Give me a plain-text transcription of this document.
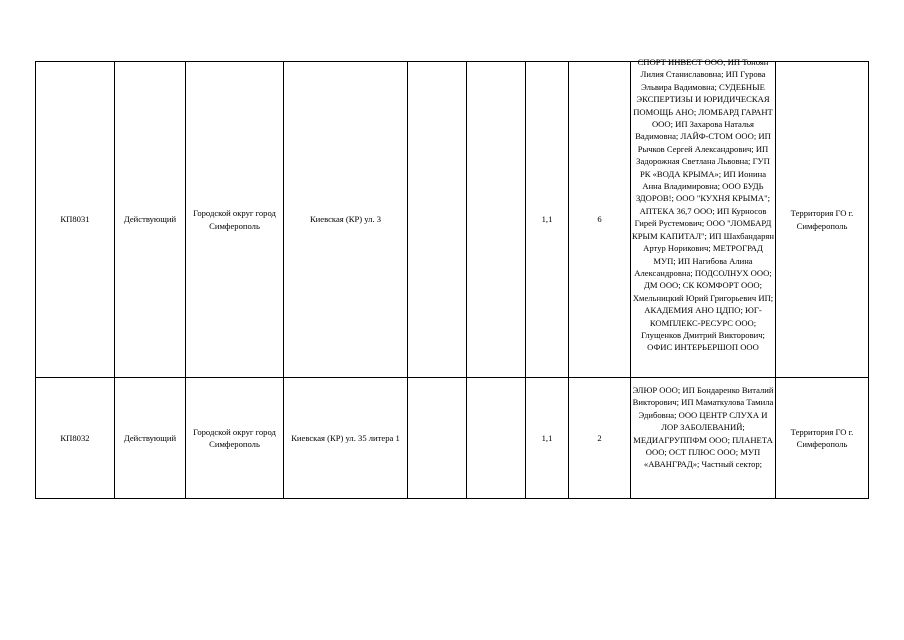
КП8031	Действующий	Городской округ город Симферополь	Киевская (КР) ул. 3			1,1	6	СПОРТ ИНВЕСТ ООО; ИП Тоноян Лилия Станиславовна; ИП Гурова Эльвира Вадимовна; СУДЕБНЫЕ ЭКСПЕРТИЗЫ И ЮРИДИЧЕСКАЯ ПОМОЩЬ АНО; ЛОМБАРД ГАРАНТ ООО; ИП Захарова Наталья Вадимовна; ЛАЙФ-СТОМ ООО; ИП Рычков Сергей Александрович; ИП Задорожная Светлана Львовна; ГУП РК «ВОДА КРЫМА»; ИП Ионина Анна Владимировна; ООО БУДЬ ЗДОРОВ!; ООО "КУХНЯ КРЫМА"; АПТЕКА 36,7 ООО; ИП Курносов Гирей Рустемович; ООО "ЛОМБАРД КРЫМ КАПИТАЛ"; ИП Шахбандарян Артур Норикович; МЕТРОГРАД МУП; ИП Нагибова Алина Александровна; ПОДСОЛНУХ ООО; ДМ ООО; СК КОМФОРТ ООО; Хмельницкий Юрий Григорьевич ИП; АКАДЕМИЯ АНО ЦДПО; ЮГ-КОМПЛЕКС-РЕСУРС ООО; Глущенков Дмитрий Викторович; ОФИС ИНТЕРЬЕРШОП ООО	Территория ГО г. Симферополь
КП8032	Действующий	Городской округ город Симферополь	Киевская (КР) ул. 35 литера 1			1,1	2	ЭЛЮР ООО; ИП Бондаренко Виталий Викторович; ИП Маматкулова Тамила Эдибовна; ООО ЦЕНТР СЛУХА И ЛОР ЗАБОЛЕВАНИЙ; МЕДИАГРУППФМ ООО; ПЛАНЕТА ООО; ОСТ ПЛЮС ООО; МУП «АВАНГРАД»; Частный сектор;	Территория ГО г. Симферополь
